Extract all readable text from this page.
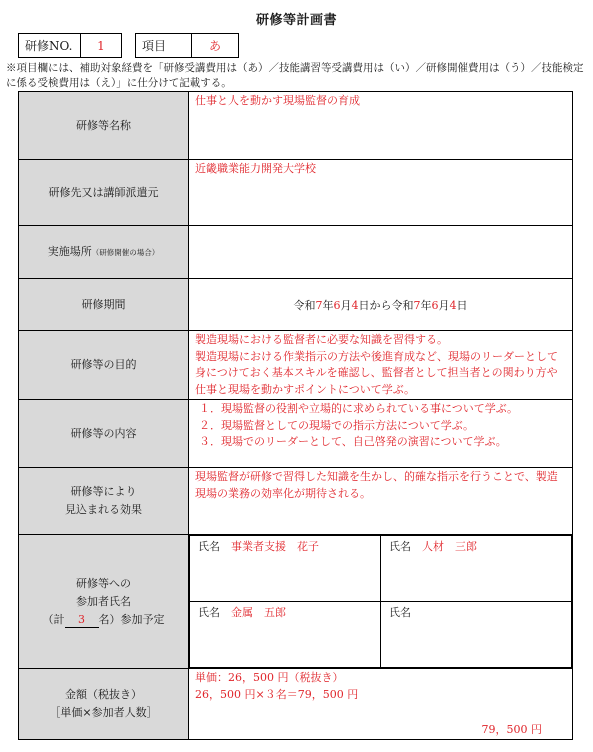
研修等計画書
研修NO.	1	項目	あ
※項目欄には、補助対象経費を「研修受講費用は（あ）／技能講習等受講費用は（い）／研修開催費用は（う）／技能検定に係る受検費用は（え）」に仕分けて記載する。
研修等名称	
仕事と人を動かす現場監督の育成

研修先又は講師派遣元	
近畿職業能力開発大学校

実施場所（研修開催の場合）	

研修期間	令和7年6月4日から令和7年6月4日
研修等の目的	
製造現場における監督者に必要な知識を習得する。
製造現場における作業指示の方法や後進育成など、現場のリーダーとして身につけておく基本スキルを確認し、監督者として担当者との関わり方や仕事と現場を動かすポイントについて学ぶ。

研修等の内容	
１．現場監督の役割や立場的に求められている事について学ぶ。
２．現場監督としての現場での指示方法について学ぶ。
３．現場でのリーダーとして、自己啓発の演習について学ぶ。

研修等により
見込まれる効果

現場監督が研修で習得した知識を生かし、的確な指示を行うことで、製造現場の業務の効率化が期待される。

研修等への
参加者氏名
（計 3 名）参加予定

氏名　 事業者支援　花子	氏名　 人材　三郎
氏名　 金属　五郎	氏名　

金額（税抜き）
［単価×参加者人数］

単価：26，500 円（税抜き）
26，500 円×３名＝79，500 円
79，500 円
